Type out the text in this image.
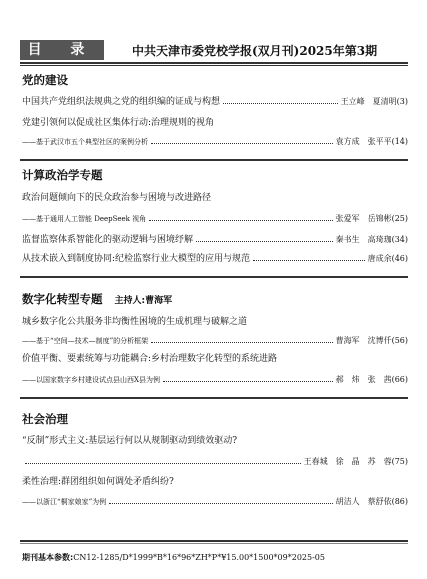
目 录	中共天津市委党校学报(双月刊)2025年第3期
党的建设
中国共产党组织法规典之党的组织编的证成与构想	王立峰　夏清明(3)
党建引领何以促成社区集体行动:治理规则的视角
——基于武汉市五个典型社区的案例分析	袁方成　张平平(14)
计算政治学专题
政治问题倾向下的民众政治参与困境与改进路径
——基于通用人工智能 DeepSeek 视角	张爱军　岳锦彬(25)
监督监察体系智能化的驱动逻辑与困境纾解	秦书生　高琦珈(34)
从技术嵌入到制度协同:纪检监察行业大模型的应用与规范	唐成余(46)
数字化转型专题 主持人:曹海军
城乡数字化公共服务非均衡性困境的生成机理与破解之道
——基于“空间—技术—制度”的分析框架	曹海军　沈博仟(56)
价值平衡、要素统筹与功能耦合:乡村治理数字化转型的系统进路
——以国家数字乡村建设试点县山西X县为例	郝　炜　张　茜(66)
社会治理
“反制”形式主义:基层运行何以从规制驱动到绩效驱动?
王春城　徐　晶　苏　蓉(75)
柔性治理:群团组织如何调处矛盾纠纷?
——以浙江“桐家娘家”为例	胡洁人　蔡舒依(86)
期刊基本参数:CN12-1285/D*1999*B*16*96*ZH*P*¥15.00*1500*09*2025-05
